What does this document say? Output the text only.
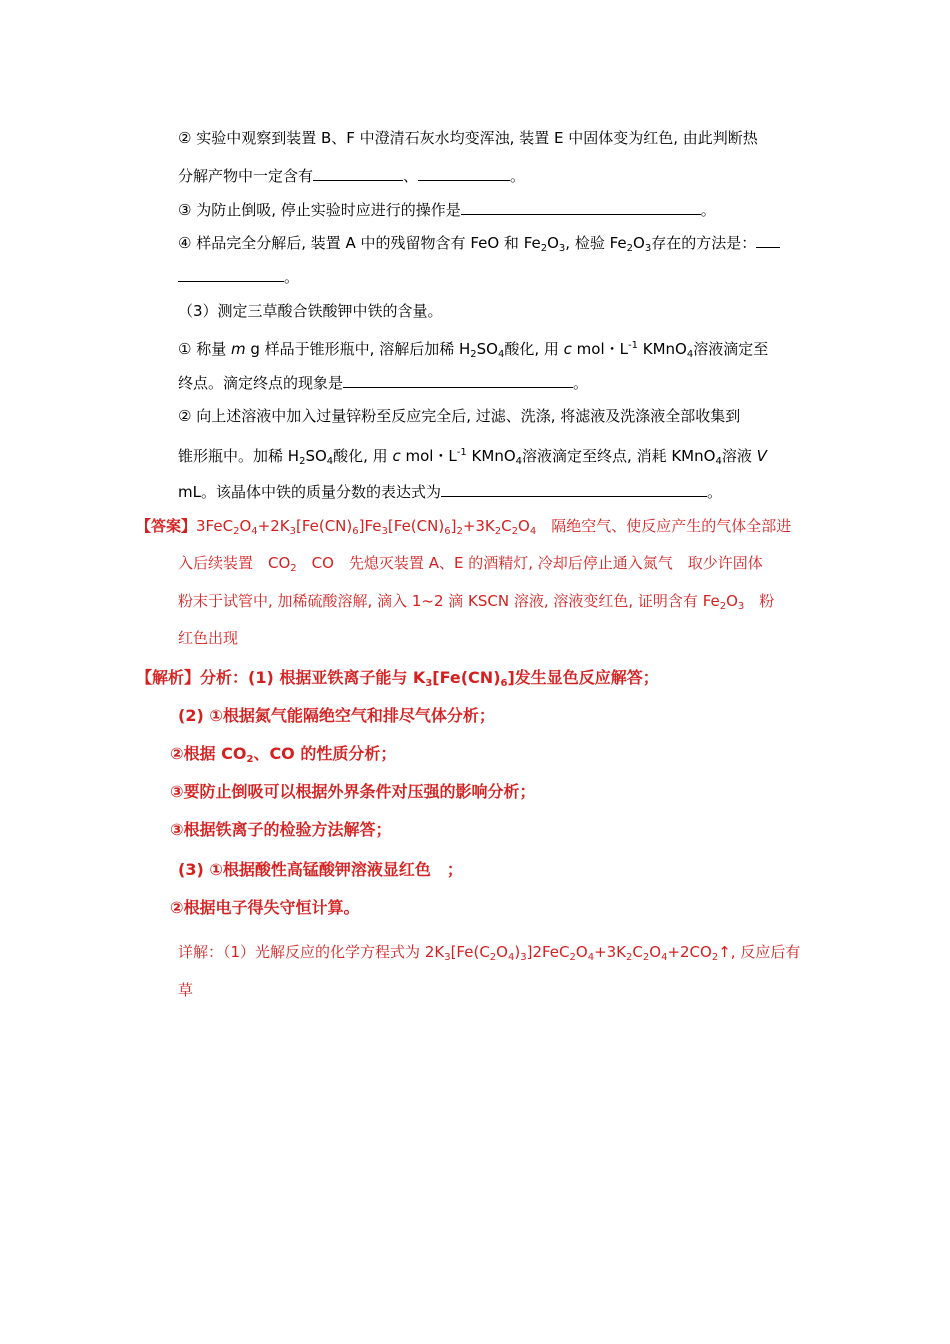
② 实验中观察到装置 B、F 中澄清石灰水均变浑浊, 装置 E 中固体变为红色, 由此判断热
分解产物中一定含有	、	。
③ 为防止倒吸, 停止实验时应进行的操作是	。
④ 样品完全分解后, 装置 A 中的残留物含有 FeO 和 $Fe_2O_3$, 检验 $Fe_2O_3$存在的方法是：
。
（3）测定三草酸合铁酸钾中铁的含量。
① 称量 m g 样品于锥形瓶中, 溶解后加稀 $H_2SO_4$酸化, 用 c mol・$L^{-1}$ KMnO$_4$溶液滴定至
终点。滴定终点的现象是	。
② 向上述溶液中加入过量锌粉至反应完全后, 过滤、洗涤, 将滤液及洗涤液全部收集到
锥形瓶中。加稀 $H_2SO_4$酸化, 用 c mol・$L^{-1}$ KMnO$_4$溶液滴定至终点, 消耗 KMnO$_4$溶液 V
mL。该晶体中铁的质量分数的表达式为	。
【答案】$3FeC_2O_4+2K_3[Fe(CN)_6]Fe_3[Fe(CN)_6]_2+3K_2C_2O_4$　隔绝空气、使反应产生的气体全部进
入后续装置　$CO_2$　CO　先熄灭装置 A、E 的酒精灯, 冷却后停止通入氮气　取少许固体
粉末于试管中, 加稀硫酸溶解, 滴入 1~2 滴 KSCN 溶液, 溶液变红色, 证明含有 $Fe_2O_3$　粉
红色出现
【解析】分析：(1) 根据亚铁离子能与 $K_3[Fe(CN)_6]$发生显色反应解答；
(2) ①根据氮气能隔绝空气和排尽气体分析；
②根据 $CO_2$、CO 的性质分析；
③要防止倒吸可以根据外界条件对压强的影响分析；
③根据铁离子的检验方法解答；
(3) ①根据酸性高锰酸钾溶液显红色　；
②根据电子得失守恒计算。
详解：（1）光解反应的化学方程式为 $2K_3[Fe(C_2O_4)_3]2FeC_2O_4+3K_2C_2O_4+2CO_2↑$, 反应后有
草
